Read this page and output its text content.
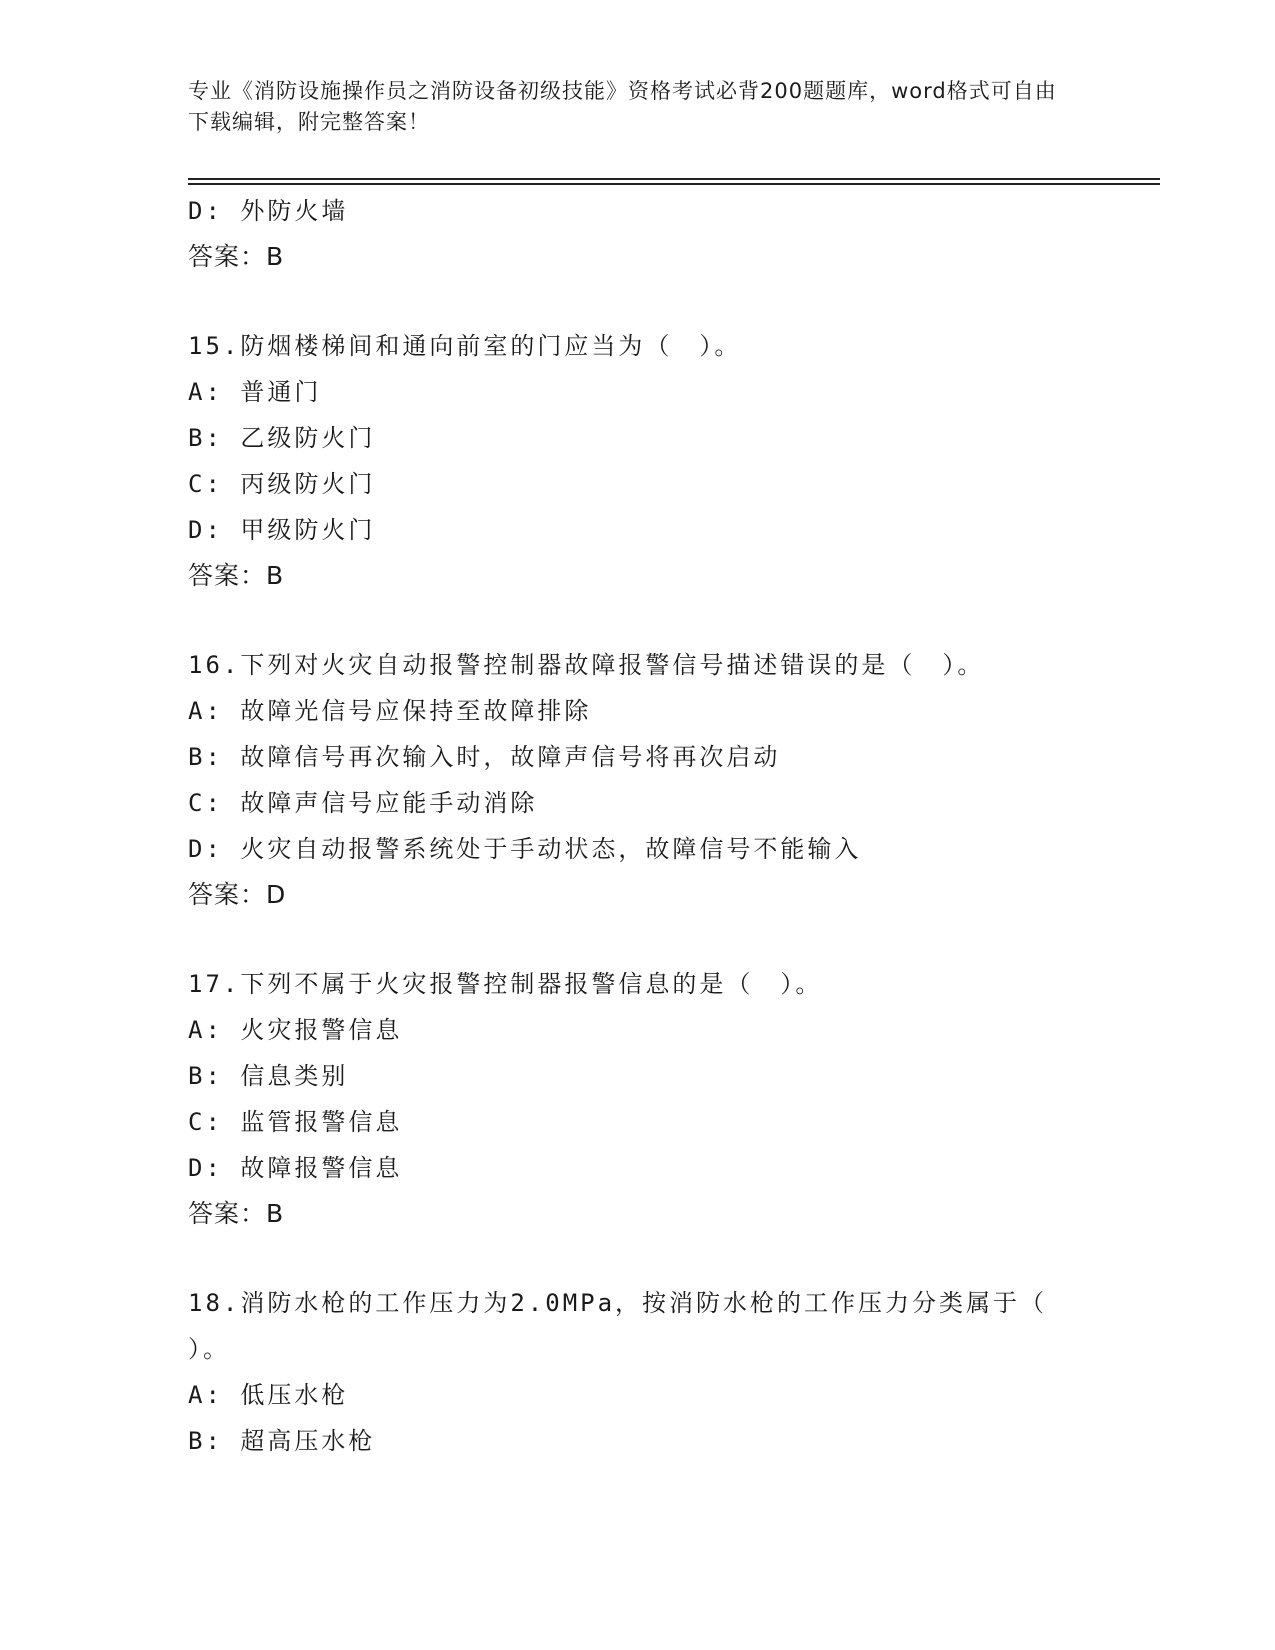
专业《消防设施操作员之消防设备初级技能》资格考试必背200题题库，word格式可自由下载编辑，附完整答案！
D: 外防火墙
答案：B
15.防烟楼梯间和通向前室的门应当为（　）。
A: 普通门
B: 乙级防火门
C: 丙级防火门
D: 甲级防火门
答案：B
16.下列对火灾自动报警控制器故障报警信号描述错误的是（　）。
A: 故障光信号应保持至故障排除
B: 故障信号再次输入时，故障声信号将再次启动
C: 故障声信号应能手动消除
D: 火灾自动报警系统处于手动状态，故障信号不能输入
答案：D
17.下列不属于火灾报警控制器报警信息的是（　）。
A: 火灾报警信息
B: 信息类别
C: 监管报警信息
D: 故障报警信息
答案：B
18.消防水枪的工作压力为2.0MPa，按消防水枪的工作压力分类属于（
）。
A: 低压水枪
B: 超高压水枪
